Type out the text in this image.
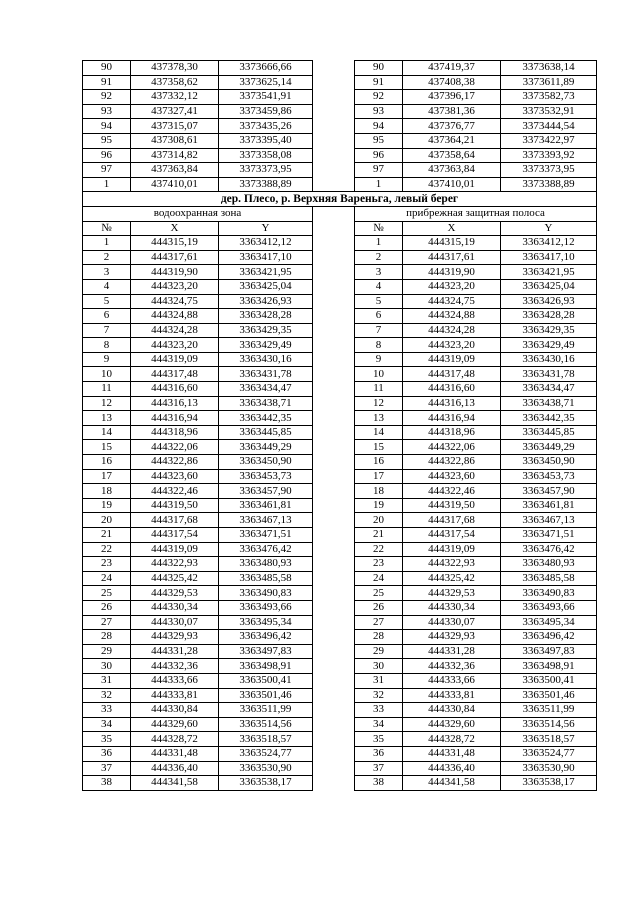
90	437378,30	3373666,66		90	437419,37	3373638,14
91	437358,62	3373625,14		91	437408,38	3373611,89
92	437332,12	3373541,91		92	437396,17	3373582,73
93	437327,41	3373459,86		93	437381,36	3373532,91
94	437315,07	3373435,26		94	437376,77	3373444,54
95	437308,61	3373395,40		95	437364,21	3373422,97
96	437314,82	3373358,08		96	437358,64	3373393,92
97	437363,84	3373373,95		97	437363,84	3373373,95
1	437410,01	3373388,89		1	437410,01	3373388,89
дер. Плесо, р. Верхняя Вареньга, левый берег						
водоохранная зона				прибрежная защитная полоса		
№	X	Y		№	X	Y
1	444315,19	3363412,12		1	444315,19	3363412,12
2	444317,61	3363417,10		2	444317,61	3363417,10
3	444319,90	3363421,95		3	444319,90	3363421,95
4	444323,20	3363425,04		4	444323,20	3363425,04
5	444324,75	3363426,93		5	444324,75	3363426,93
6	444324,88	3363428,28		6	444324,88	3363428,28
7	444324,28	3363429,35		7	444324,28	3363429,35
8	444323,20	3363429,49		8	444323,20	3363429,49
9	444319,09	3363430,16		9	444319,09	3363430,16
10	444317,48	3363431,78		10	444317,48	3363431,78
11	444316,60	3363434,47		11	444316,60	3363434,47
12	444316,13	3363438,71		12	444316,13	3363438,71
13	444316,94	3363442,35		13	444316,94	3363442,35
14	444318,96	3363445,85		14	444318,96	3363445,85
15	444322,06	3363449,29		15	444322,06	3363449,29
16	444322,86	3363450,90		16	444322,86	3363450,90
17	444323,60	3363453,73		17	444323,60	3363453,73
18	444322,46	3363457,90		18	444322,46	3363457,90
19	444319,50	3363461,81		19	444319,50	3363461,81
20	444317,68	3363467,13		20	444317,68	3363467,13
21	444317,54	3363471,51		21	444317,54	3363471,51
22	444319,09	3363476,42		22	444319,09	3363476,42
23	444322,93	3363480,93		23	444322,93	3363480,93
24	444325,42	3363485,58		24	444325,42	3363485,58
25	444329,53	3363490,83		25	444329,53	3363490,83
26	444330,34	3363493,66		26	444330,34	3363493,66
27	444330,07	3363495,34		27	444330,07	3363495,34
28	444329,93	3363496,42		28	444329,93	3363496,42
29	444331,28	3363497,83		29	444331,28	3363497,83
30	444332,36	3363498,91		30	444332,36	3363498,91
31	444333,66	3363500,41		31	444333,66	3363500,41
32	444333,81	3363501,46		32	444333,81	3363501,46
33	444330,84	3363511,99		33	444330,84	3363511,99
34	444329,60	3363514,56		34	444329,60	3363514,56
35	444328,72	3363518,57		35	444328,72	3363518,57
36	444331,48	3363524,77		36	444331,48	3363524,77
37	444336,40	3363530,90		37	444336,40	3363530,90
38	444341,58	3363538,17		38	444341,58	3363538,17
